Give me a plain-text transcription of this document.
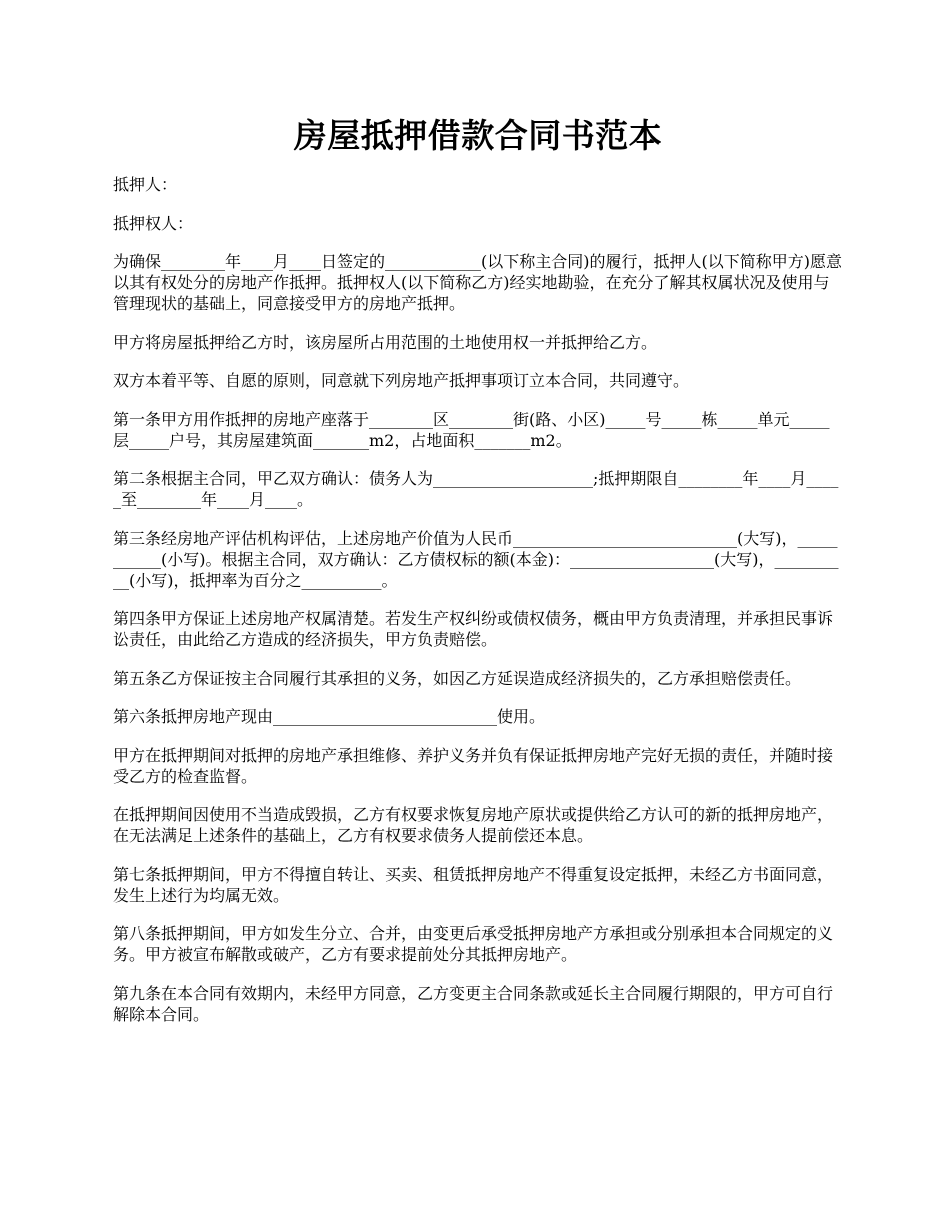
房屋抵押借款合同书范本

抵押人：

抵押权人：

为确保________年____月____日签定的____________(以下称主合同)的履行，抵押人(以下简称甲方)愿意以其有权处分的房地产作抵押。抵押权人(以下简称乙方)经实地勘验，在充分了解其权属状况及使用与管理现状的基础上，同意接受甲方的房地产抵押。

甲方将房屋抵押给乙方时，该房屋所占用范围的土地使用权一并抵押给乙方。

双方本着平等、自愿的原则，同意就下列房地产抵押事项订立本合同，共同遵守。

第一条甲方用作抵押的房地产座落于________区________街(路、小区)_____号_____栋_____单元_____层_____户号，其房屋建筑面_______m2，占地面积_______m2。

第二条根据主合同，甲乙双方确认：债务人为____________________;抵押期限自________年____月_____至________年____月____。

第三条经房地产评估机构评估，上述房地产价值为人民币____________________________(大写)，___________(小写)。根据主合同，双方确认：乙方债权标的额(本金)：__________________(大写)，__________(小写)，抵押率为百分之__________。

第四条甲方保证上述房地产权属清楚。若发生产权纠纷或债权债务，概由甲方负责清理，并承担民事诉讼责任，由此给乙方造成的经济损失，甲方负责赔偿。

第五条乙方保证按主合同履行其承担的义务，如因乙方延误造成经济损失的，乙方承担赔偿责任。

第六条抵押房地产现由____________________________使用。

甲方在抵押期间对抵押的房地产承担维修、养护义务并负有保证抵押房地产完好无损的责任，并随时接受乙方的检查监督。

在抵押期间因使用不当造成毁损，乙方有权要求恢复房地产原状或提供给乙方认可的新的抵押房地产，在无法满足上述条件的基础上，乙方有权要求债务人提前偿还本息。

第七条抵押期间，甲方不得擅自转让、买卖、租赁抵押房地产不得重复设定抵押，未经乙方书面同意，发生上述行为均属无效。

第八条抵押期间，甲方如发生分立、合并，由变更后承受抵押房地产方承担或分别承担本合同规定的义务。甲方被宣布解散或破产，乙方有要求提前处分其抵押房地产。

第九条在本合同有效期内，未经甲方同意，乙方变更主合同条款或延长主合同履行期限的，甲方可自行解除本合同。
